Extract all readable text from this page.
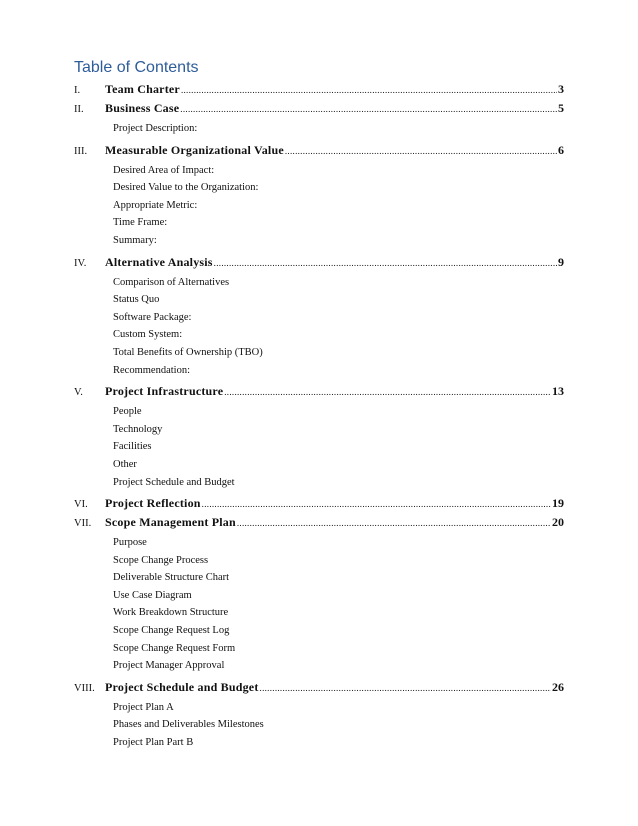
Table of Contents
I.	Team Charter .....	3
II.	Business Case .....	5
Project Description:
III.	Measurable Organizational Value .....	6
Desired Area of Impact:
Desired Value to the Organization:
Appropriate Metric:
Time Frame:
Summary:
IV.	Alternative Analysis .....	9
Comparison of Alternatives
Status Quo
Software Package:
Custom System:
Total Benefits of Ownership (TBO)
Recommendation:
V.	Project Infrastructure .....	13
People
Technology
Facilities
Other
Project Schedule and Budget
VI.	Project Reflection .....	19
VII.	Scope Management Plan .....	20
Purpose
Scope Change Process
Deliverable Structure Chart
Use Case Diagram
Work Breakdown Structure
Scope Change Request Log
Scope Change Request Form
Project Manager Approval
VIII. Project Schedule and Budget .....	26
Project Plan A
Phases and Deliverables Milestones
Project Plan Part B
